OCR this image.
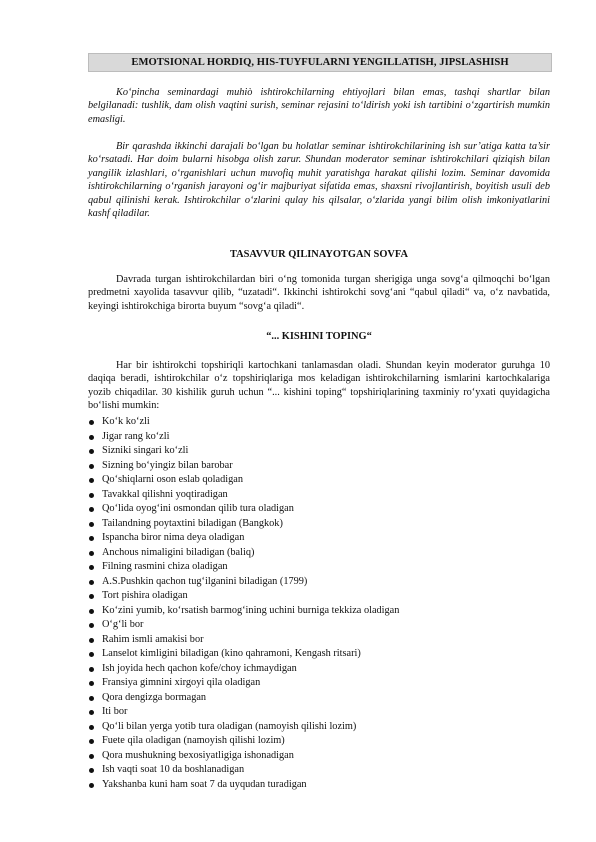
EMOTSIONAL HORDIQ, HIS-TUYFULARNI YENGILLATISH, JIPSLASHISH

Ko‘pincha seminardagi muhiò ishtirokchilarning ehtiyojlari bilan emas, tashqi shartlar bilan belgilanadi: tushlik, dam olish vaqtini surish, seminar rejasini to‘ldirish yoki ish tartibini o‘zgartirish mumkin emasligi.

Bir qarashda ikkinchi darajali bo‘lgan bu holatlar seminar ishtirokchilarining ish sur’atiga katta ta’sir ko‘rsatadi. Har doim bularni hisobga olish zarur. Shundan moderator seminar ishtirokchilari qiziqish bilan yangilik izlashlari, o‘rganishlari uchun muvofiq muhit yaratishga harakat qilishi lozim. Seminar davomida ishtirokchilarning o‘rganish jarayoni og‘ir majburiyat sifatida emas, shaxsni rivojlantirish, boyitish usuli deb qabul qilinishi kerak. Ishtirokchilar o‘zlarini qulay his qilsalar, o‘zlarida yangi bilim olish imkoniyatlarini kashf qiladilar.

TASAVVUR QILINAYOTGAN SOVFA

Davrada turgan ishtirokchilardan biri o‘ng tomonida turgan sherigiga unga sovg‘a qilmoqchi bo‘lgan predmetni xayolida tasavvur qilib, “uzatadi“. Ikkinchi ishtirokchi sovg‘ani “qabul qiladi“ va, o‘z navbatida, keyingi ishtirokchiga birorta buyum “sovg‘a qiladi“.

“... KISHINI TOPING“

Har bir ishtirokchi topshiriqli kartochkani tanlamasdan oladi. Shundan keyin moderator guruhga 10 daqiqa beradi, ishtirokchilar o‘z topshiriqlariga mos keladigan ishtirokchilarning ismlarini kartochkalariga yozib chiqadilar. 30 kishilik guruh uchun “... kishini toping“ topshiriqlarining taxminiy ro‘yxati quyidagicha bo‘lishi mumkin:

Ko‘k ko‘zli
Jigar rang ko‘zli
Sizniki singari ko‘zli
Sizning bo‘yingiz bilan barobar
Qo‘shiqlarni oson eslab qoladigan
Tavakkal qilishni yoqtiradigan
Qo‘lida oyog‘ini osmondan qilib tura oladigan
Tailandning poytaxtini biladigan (Bangkok)
Ispancha biror nima deya oladigan
Anchous nimaligini biladigan (baliq)
Filning rasmini chiza oladigan
A.S.Pushkin qachon tug‘ilganini biladigan (1799)
Tort pishira oladigan
Ko‘zini yumib, ko‘rsatish barmog‘ining uchini burniga tekkiza oladigan
O‘g‘li bor
Rahim ismli amakisi bor
Lanselot kimligini biladigan (kino qahramoni, Kengash ritsari)
Ish joyida hech qachon kofe/choy ichmaydigan
Fransiya gimnini xirgoyi qila oladigan
Qora dengizga bormagan
Iti bor
Qo‘li bilan yerga yotib tura oladigan (namoyish qilishi lozim)
Fuete qila oladigan (namoyish qilishi lozim)
Qora mushukning bexosiyatligiga ishonadigan
Ish vaqti soat 10 da boshlanadigan
Yakshanba kuni ham soat 7 da uyqudan turadigan
